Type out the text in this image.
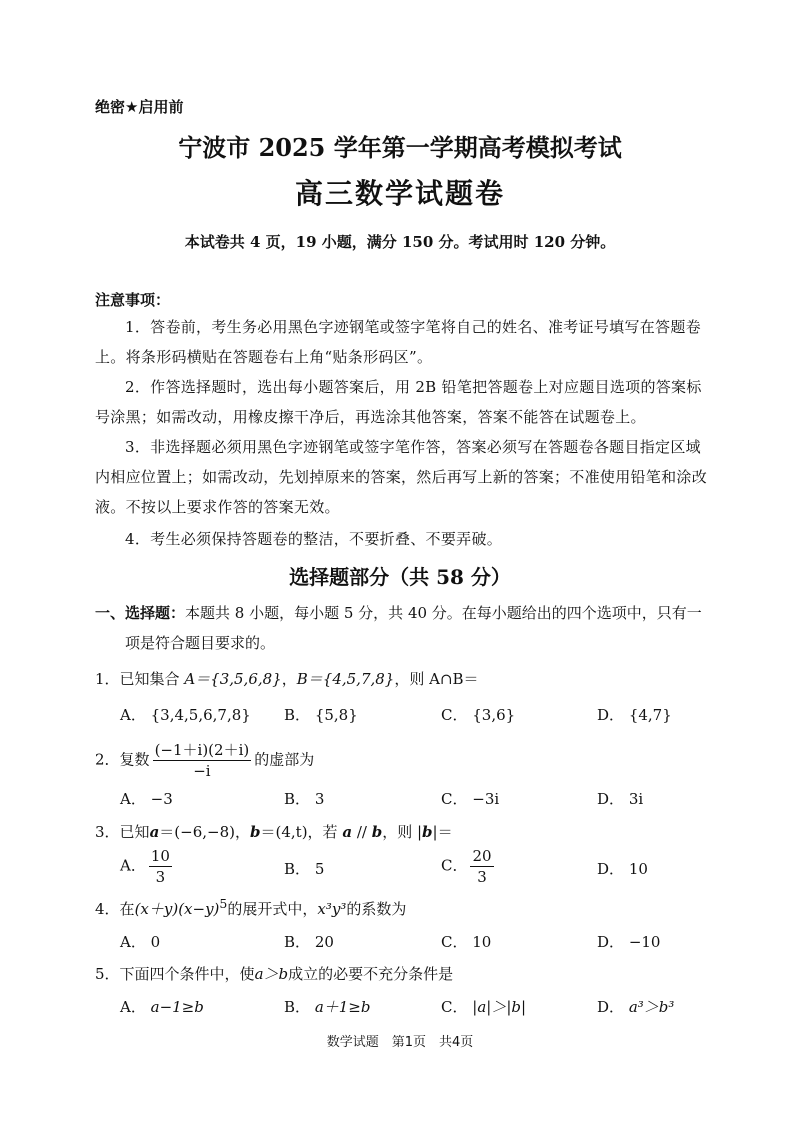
绝密★启用前
宁波市 2025 学年第一学期高考模拟考试
高三数学试题卷
本试卷共 4 页，19 小题，满分 150 分。考试用时 120 分钟。
注意事项：
1．答卷前，考生务必用黑色字迹钢笔或签字笔将自己的姓名、准考证号填写在答题卷上。将条形码横贴在答题卷右上角“贴条形码区”。
2．作答选择题时，选出每小题答案后，用 2B 铅笔把答题卷上对应题目选项的答案标号涂黑；如需改动，用橡皮擦干净后，再选涂其他答案，答案不能答在试题卷上。
3．非选择题必须用黑色字迹钢笔或签字笔作答，答案必须写在答题卷各题目指定区域内相应位置上；如需改动，先划掉原来的答案，然后再写上新的答案；不准使用铅笔和涂改液。不按以上要求作答的答案无效。
4．考生必须保持答题卷的整洁，不要折叠、不要弄破。
选择题部分（共 58 分）
一、选择题：本题共 8 小题，每小题 5 分，共 40 分。在每小题给出的四个选项中，只有一
项是符合题目要求的。
1．已知集合 A＝{3,5,6,8}，B＝{4,5,7,8}，则 A∩B＝
A． {3,4,5,6,7,8} B． {5,8}	C． {3,6}	D． {4,7}
2．复数 $\frac{(-1+i)(2+i)}{-i}$ 的虚部为
A． −3	B． 3	C． −3i	D． 3i
3．已知a＝(−6,−8)，b＝(4,t)，若 a // b，则 |b|＝
A． $\frac{10}{3}$	B． 5	C． $\frac{20}{3}$	D． 10
4．在$(x+y)(x-y)^5$的展开式中，x³y³的系数为
A． 0	B． 20	C． 10	D． −10
5．下面四个条件中，使a＞b成立的必要不充分条件是
A． a−1≥b	B． a＋1≥b	C． |a|＞|b|	D． a³＞b³
数学试题　第1页　共4页
